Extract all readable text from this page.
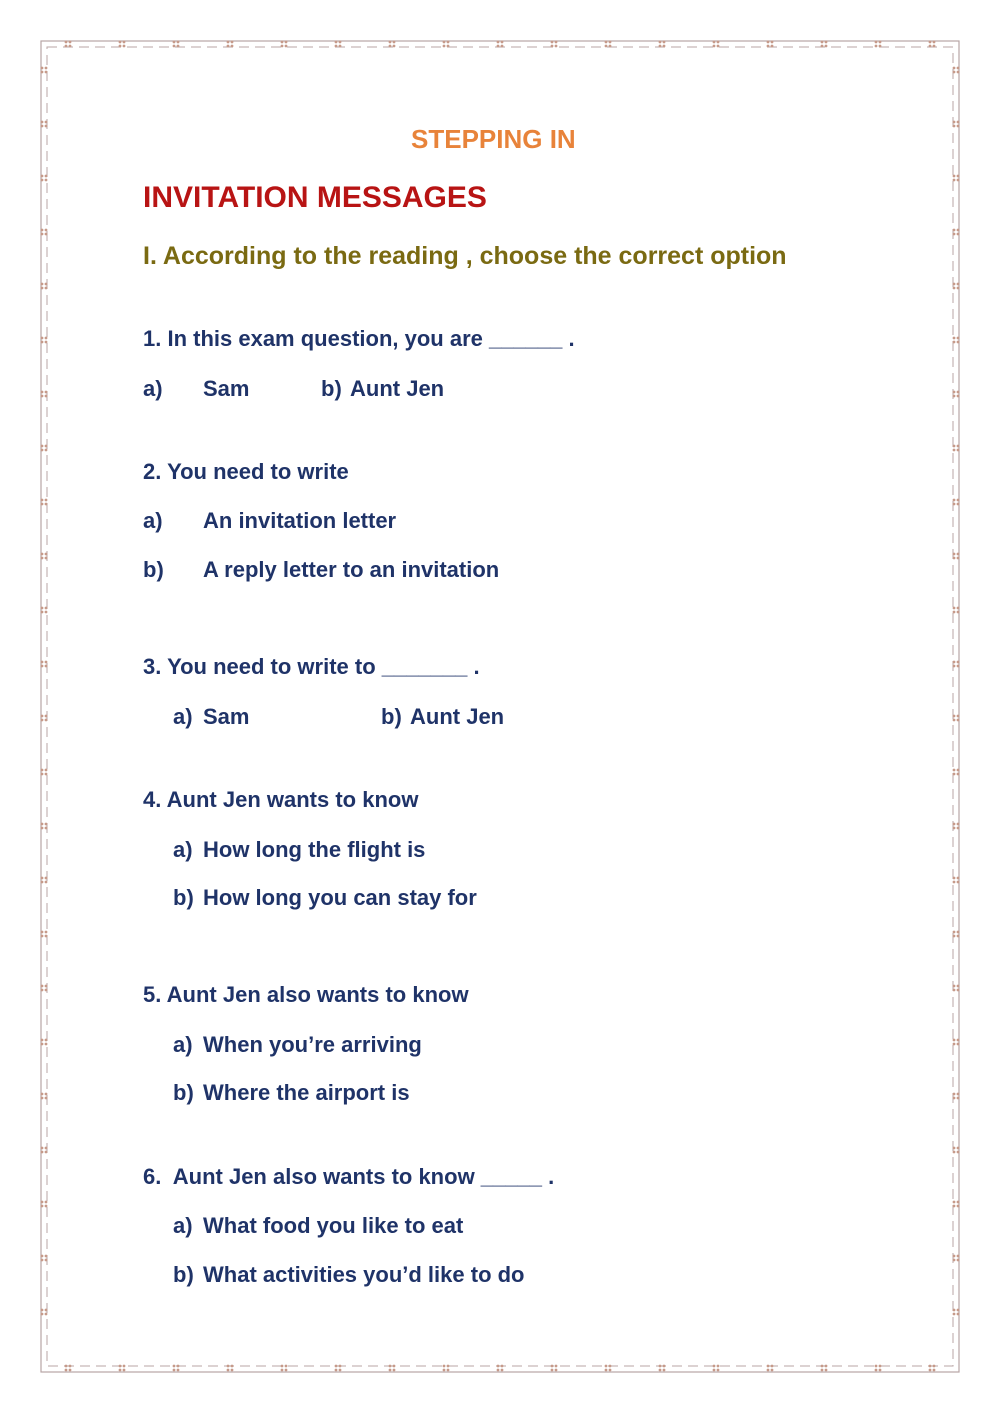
STEPPING IN
INVITATION MESSAGES
I. According to the reading , choose the correct option
1. In this exam question, you are ______ .
a) Sam	b) Aunt Jen
2. You need to write
a) An invitation letter
b) A reply letter to an invitation
3. You need to write to _______ .
a) Sam	b) Aunt Jen
4. Aunt Jen wants to know
a) How long the flight is
b) How long you can stay for
5. Aunt Jen also wants to know
a) When you’re arriving
b) Where the airport is
6.  Aunt Jen also wants to know _____ .
a) What food you like to eat
b) What activities you’d like to do
